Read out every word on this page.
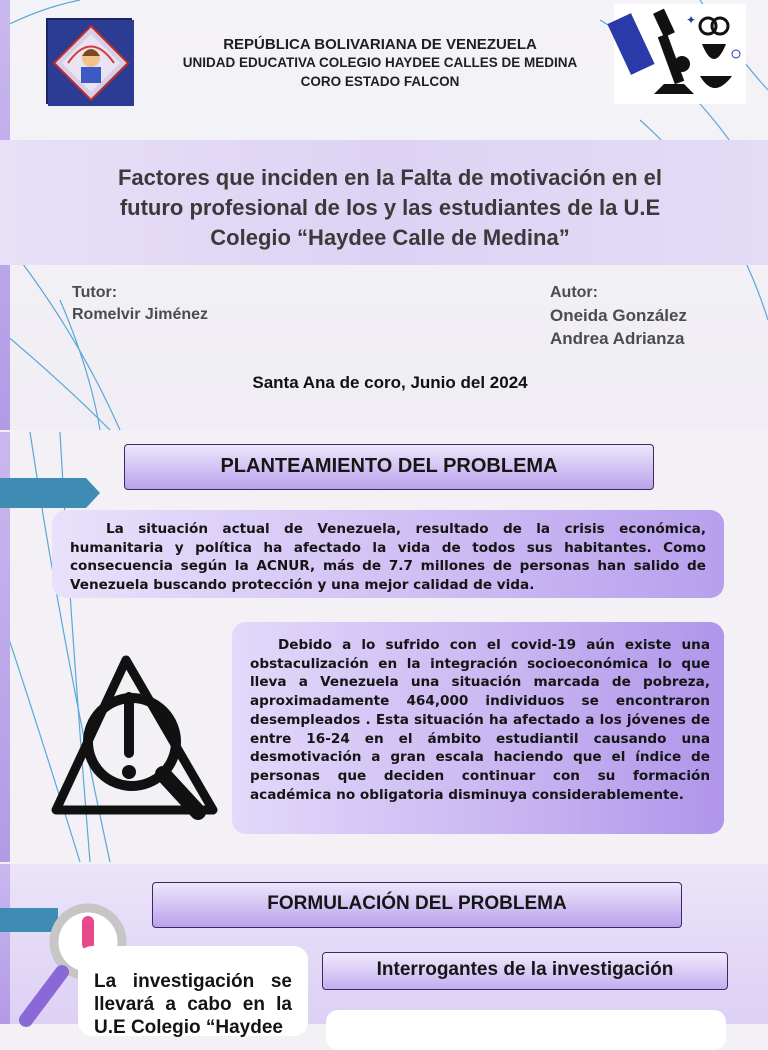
✦
REPÚBLICA BOLIVARIANA DE VENEZUELA
UNIDAD EDUCATIVA COLEGIO HAYDEE CALLES DE MEDINA
CORO ESTADO FALCON
Factores que inciden en la Falta de motivación en el
futuro profesional de los y las estudiantes de la U.E
Colegio “Haydee Calle de Medina”
Tutor:
Romelvir Jiménez
Autor:
Oneida González
Andrea Adrianza
Santa Ana de coro, Junio del 2024
PLANTEAMIENTO DEL PROBLEMA
La situación actual de Venezuela, resultado de la crisis económica, humanitaria y política ha afectado la vida de todos sus habitantes. Como consecuencia según la ACNUR, más de 7.7 millones de personas han salido de Venezuela buscando protección y una mejor calidad de vida.
Debido a lo sufrido con el covid-19 aún existe una obstaculización en la integración socioeconómica lo que lleva a Venezuela una situación marcada de pobreza, aproximadamente 464,000 individuos se encontraron desempleados . Esta situación ha afectado a los jóvenes de entre 16-24 en el ámbito estudiantil causando una desmotivación a gran escala haciendo que el índice de personas que deciden continuar con su formación académica no obligatoria disminuya considerablemente.
FORMULACIÓN DEL PROBLEMA
La investigación se llevará a cabo en la U.E Colegio “Haydee
Interrogantes de la investigación
